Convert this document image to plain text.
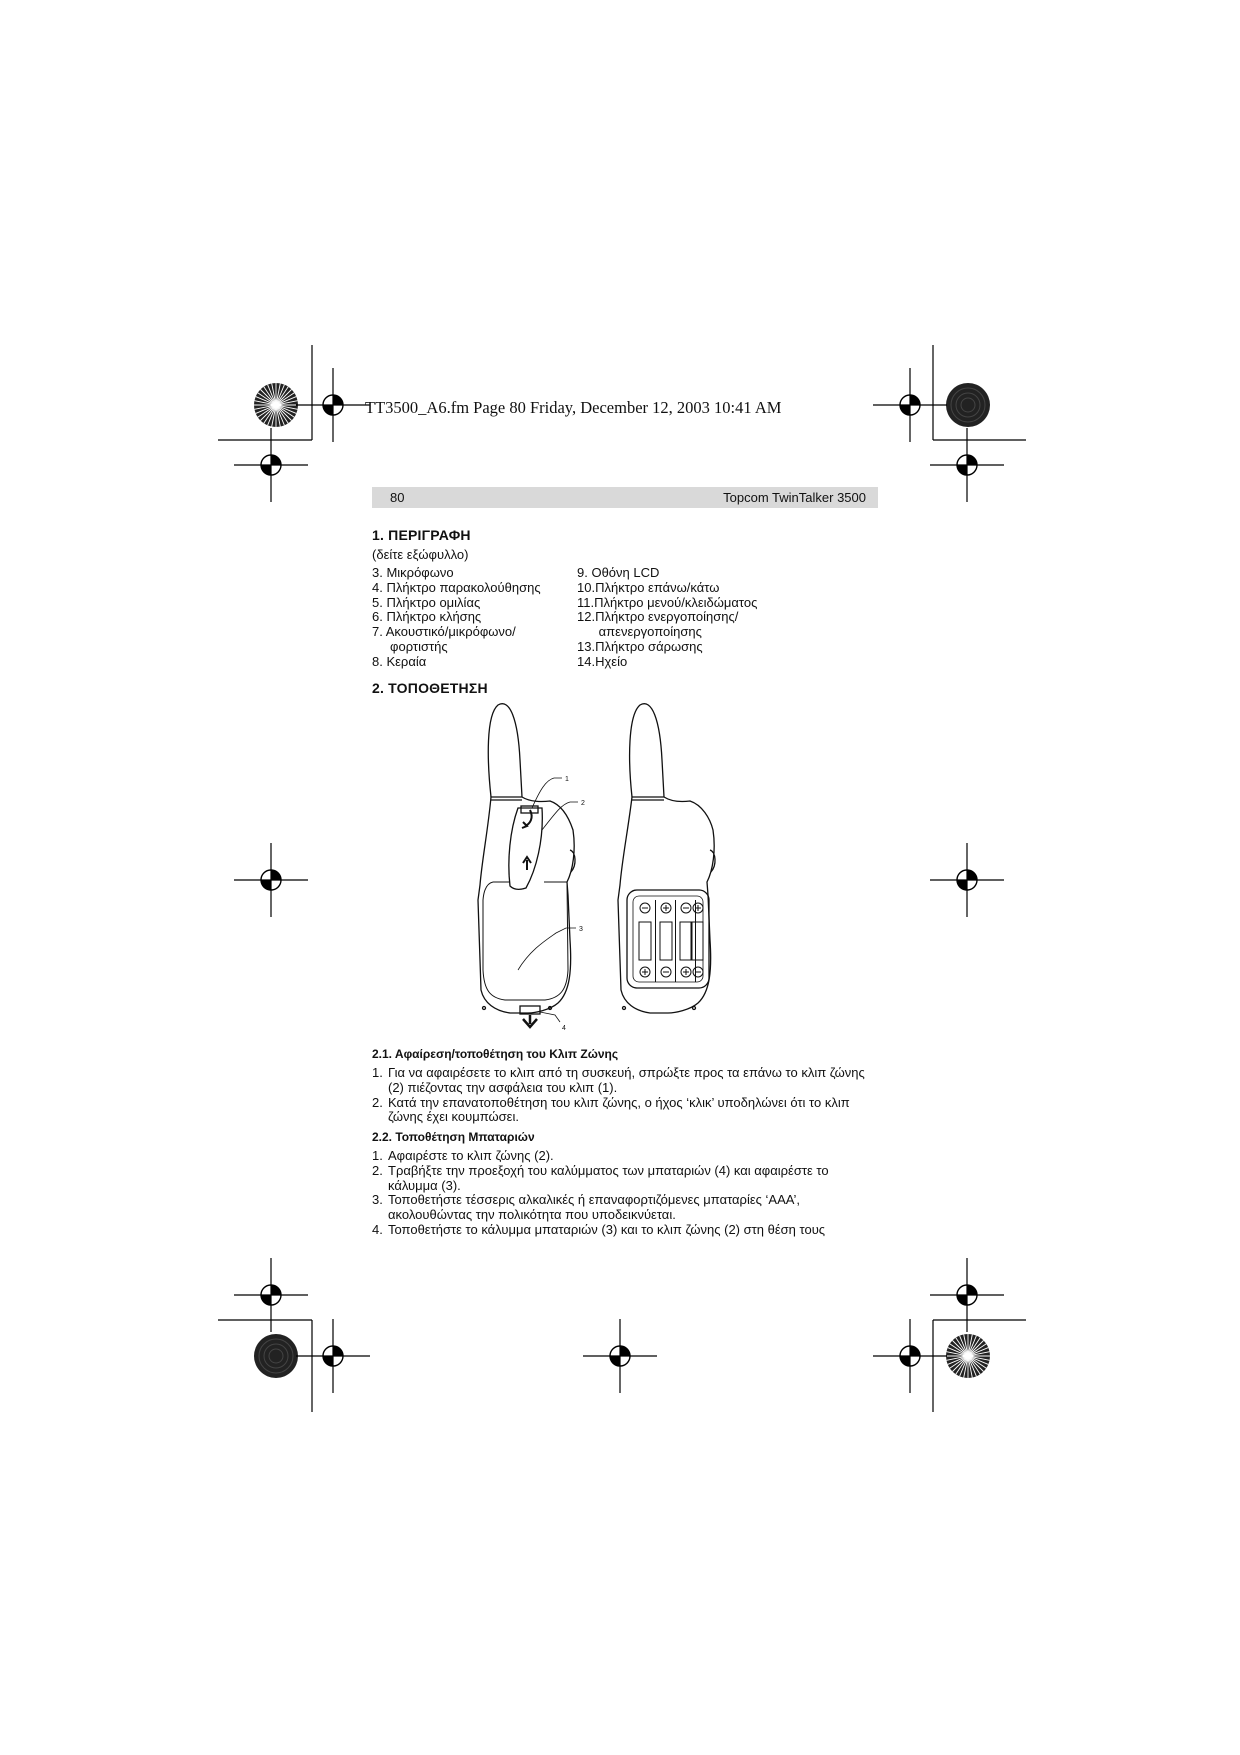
TT3500_A6.fm Page 80 Friday, December 12, 2003 10:41 AM
80	Topcom TwinTalker 3500
1. ΠΕΡΙΓΡΑΦΗ
(δείτε εξώφυλλο)
3. Μικρόφωνο
4. Πλήκτρο παρακολούθησης
5. Πλήκτρο ομιλίας
6. Πλήκτρο κλήσης
7. Ακουστικό/μικρόφωνο/
φορτιστής
8. Κεραία
9. Οθόνη LCD
10.Πλήκτρο επάνω/κάτω
11.Πλήκτρο μενού/κλειδώματος
12.Πλήκτρο ενεργοποίησης/
απενεργοποίησης
13.Πλήκτρο σάρωσης
14.Ηχείο
2. ΤΟΠΟΘΕΤΗΣΗ
1
2
3
4
2.1. Αφαίρεση/τοποθέτηση του Κλιπ Ζώνης
1. Για να αφαιρέσετε το κλιπ από τη συσκευή, σπρώξτε προς τα επάνω το κλιπ ζώνης (2) πιέζοντας την ασφάλεια του κλιπ (1).
2. Κατά την επανατοποθέτηση του κλιπ ζώνης, ο ήχος ‘κλικ’ υποδηλώνει ότι το κλιπ ζώνης έχει κουμπώσει.
2.2. Τοποθέτηση Μπαταριών
1. Αφαιρέστε το κλιπ ζώνης (2).
2. Τραβήξτε την προεξοχή του καλύμματος των μπαταριών (4) και αφαιρέστε το κάλυμμα (3).
3. Τοποθετήστε τέσσερις αλκαλικές ή επαναφορτιζόμενες μπαταρίες ‘AAA’, ακολουθώντας την πολικότητα που υποδεικνύεται.
4. Τοποθετήστε το κάλυμμα μπαταριών (3) και το κλιπ ζώνης (2) στη θέση τους
